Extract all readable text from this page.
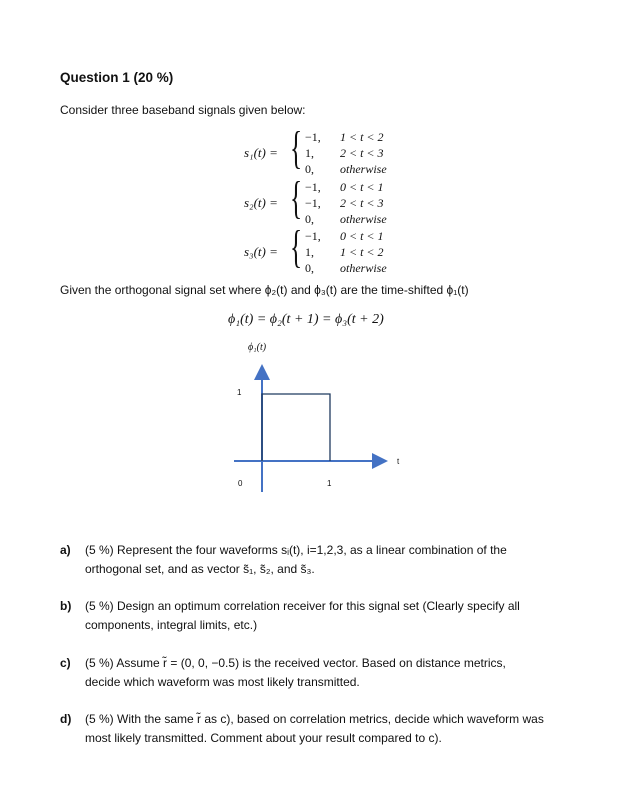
Question 1 (20 %)
Consider three baseband signals given below:
s₁(t) = { −1,
1,
0,
1 < t < 2
2 < t < 3
otherwise
s₂(t) = { −1,
−1,
0,
0 < t < 1
2 < t < 3
otherwise
s₃(t) = { −1,
1,
0,
0 < t < 1
1 < t < 2
otherwise
Given the orthogonal signal set where ϕ₂(t) and ϕ₃(t) are the time-shifted ϕ₁(t)
ϕ₁(t) = ϕ₂(t + 1) = ϕ₃(t + 2)
ϕ₁(t)
1
0	1
t
a) (5 %) Represent the four waveforms sᵢ(t), i=1,2,3, as a linear combination of the
orthogonal set, and as vector s̃₁, s̃₂, and s̃₃.
b) (5 %) Design an optimum correlation receiver for this signal set (Clearly specify all
components, integral limits, etc.)
c) (5 %) Assume r̃ = (0, 0, −0.5) is the received vector. Based on distance metrics,
decide which waveform was most likely transmitted.
d) (5 %) With the same r̃ as c), based on correlation metrics, decide which waveform was
most likely transmitted. Comment about your result compared to c).
